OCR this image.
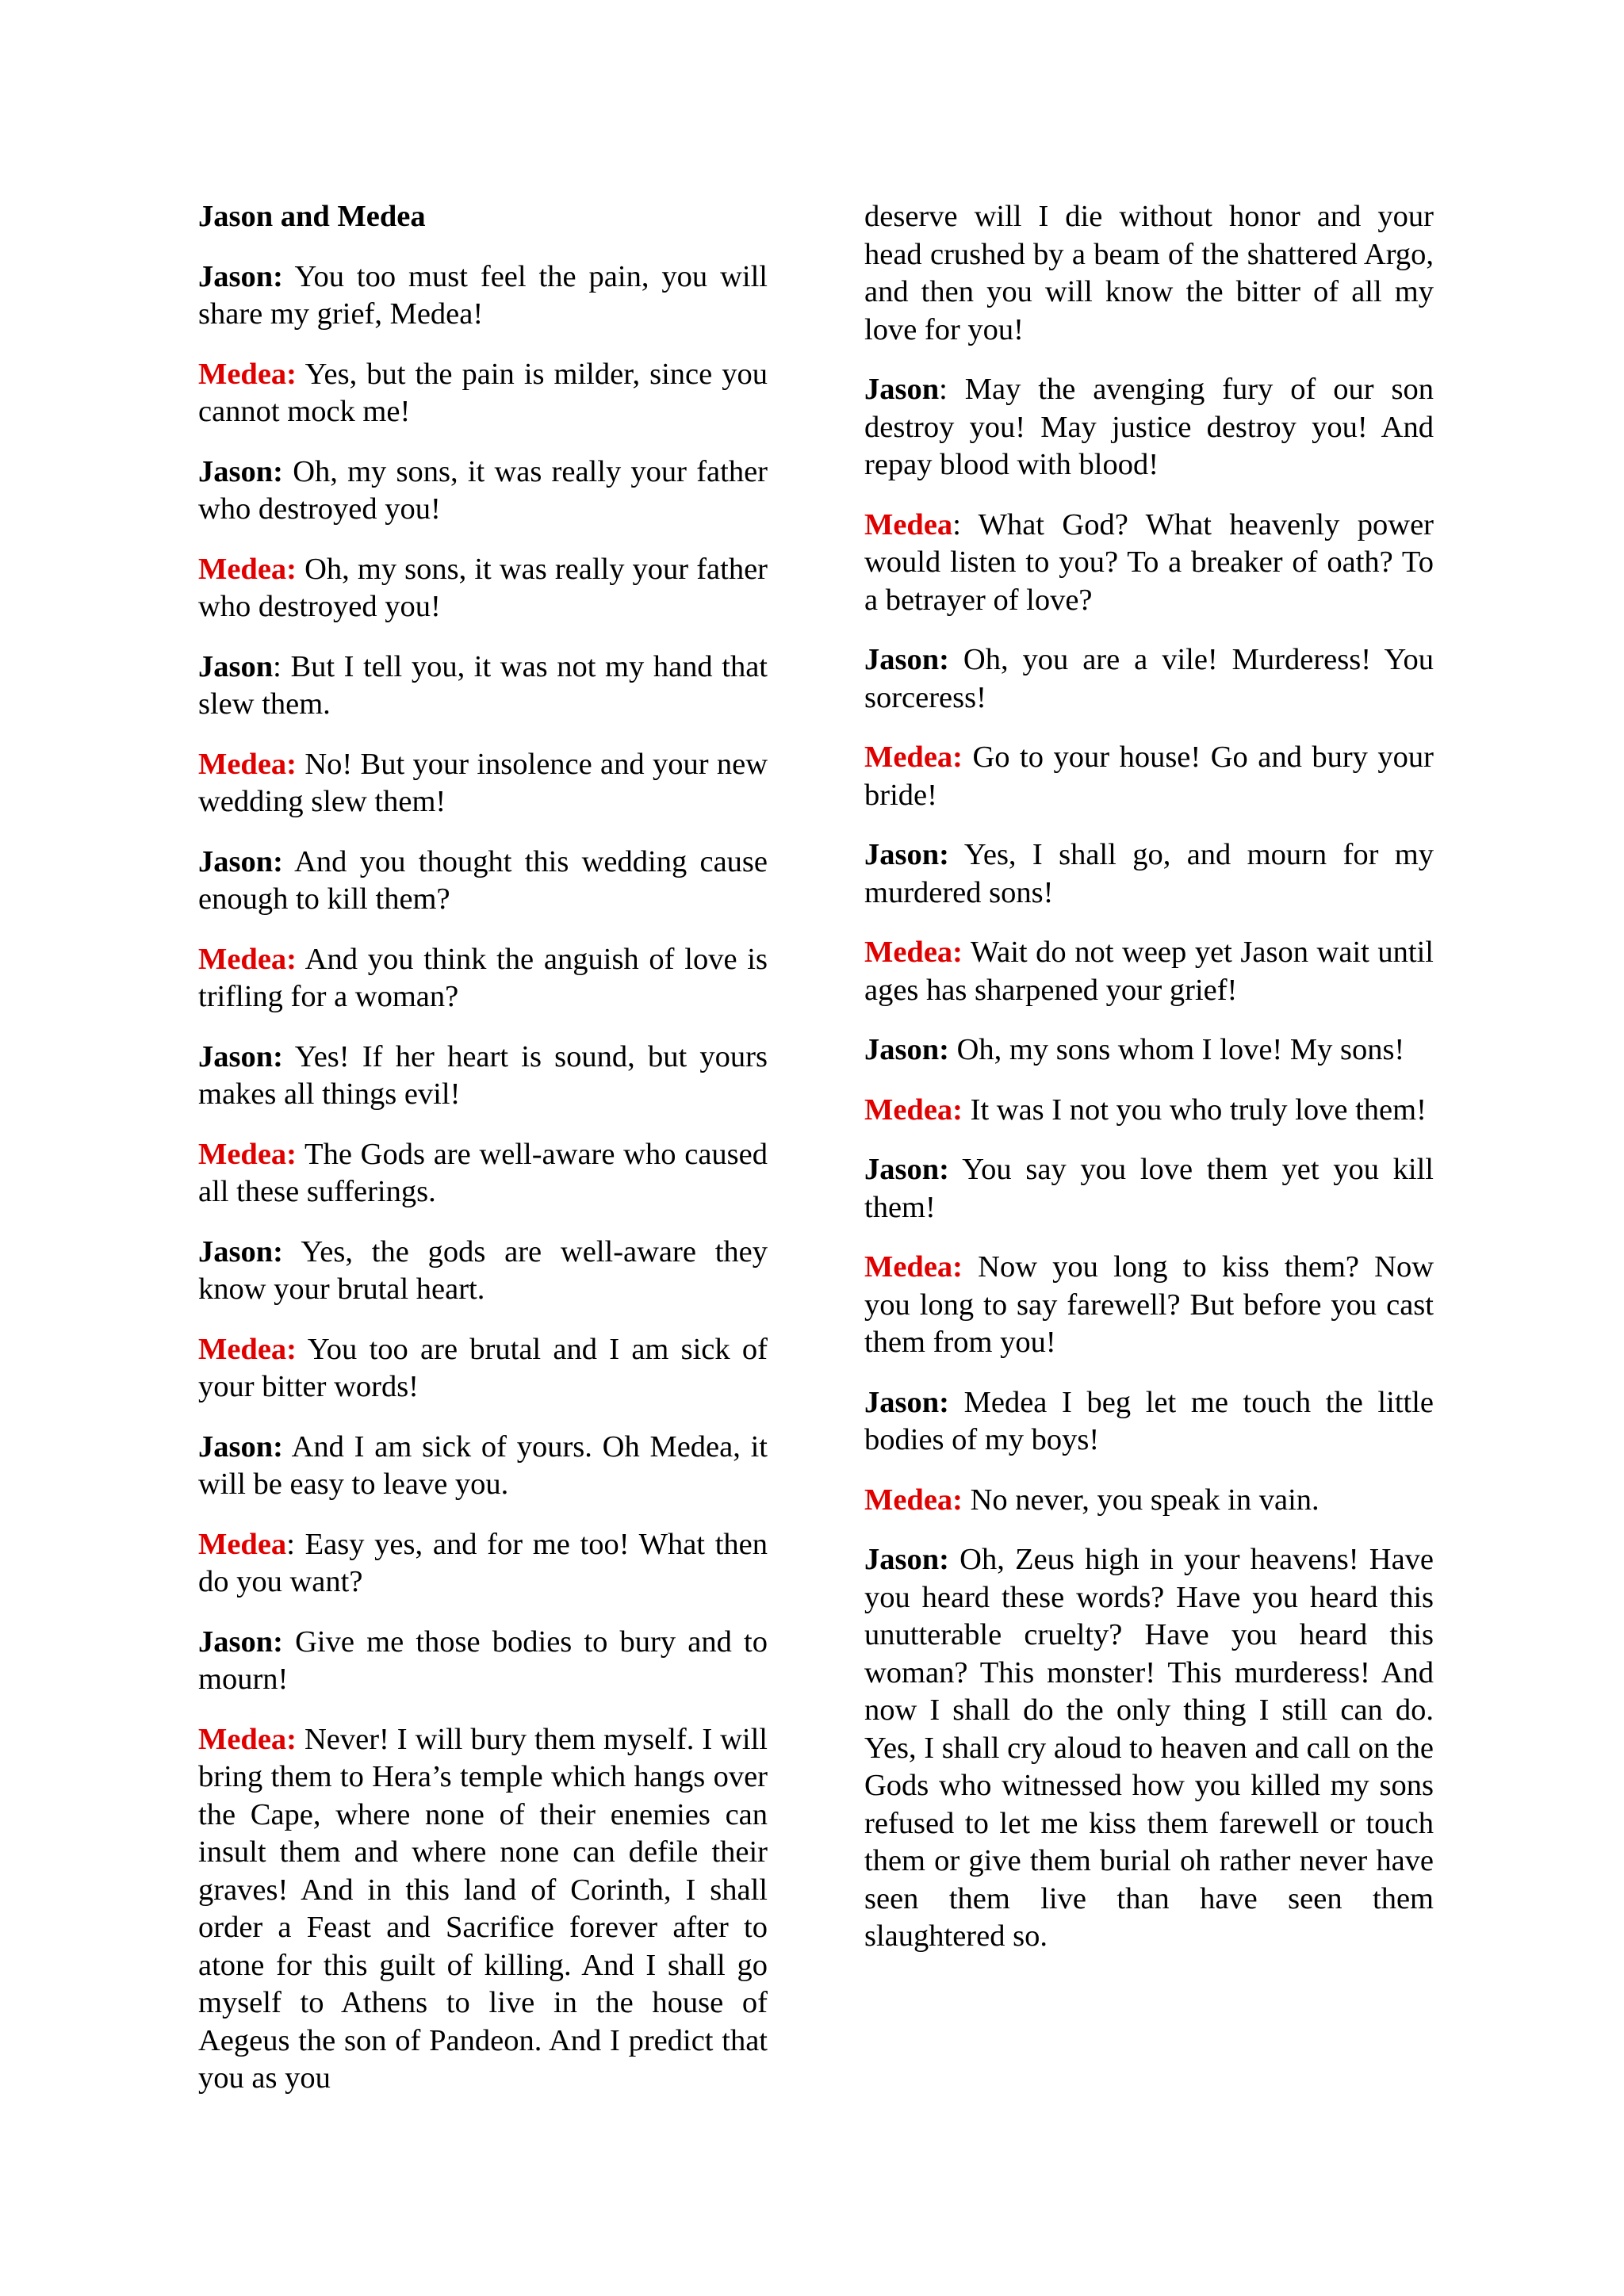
Jason and Medea

Jason: You too must feel the pain, you will share my grief, Medea!

Medea: Yes, but the pain is milder, since you cannot mock me!

Jason: Oh, my sons, it was really your father who destroyed you!

Medea: Oh, my sons, it was really your father who destroyed you!

Jason: But I tell you, it was not my hand that slew them.

Medea: No! But your insolence and your new wedding slew them!

Jason: And you thought this wedding cause enough to kill them?

Medea: And you think the anguish of love is trifling for a woman?

Jason: Yes! If her heart is sound, but yours makes all things evil!

Medea: The Gods are well-aware who caused all these sufferings.

Jason: Yes, the gods are well-aware they know your brutal heart.

Medea: You too are brutal and I am sick of your bitter words!

Jason: And I am sick of yours. Oh Medea, it will be easy to leave you.

Medea: Easy yes, and for me too! What then do you want?

Jason: Give me those bodies to bury and to mourn!

Medea: Never! I will bury them myself. I will bring them to Hera’s temple which hangs over the Cape, where none of their enemies can insult them and where none can defile their graves! And in this land of Corinth, I shall order a Feast and Sacrifice forever after to atone for this guilt of killing. And I shall go myself to Athens to live in the house of Aegeus the son of Pandeon. And I predict that you as you

deserve will I die without honor and your head crushed by a beam of the shattered Argo, and then you will know the bitter of all my love for you!

Jason: May the avenging fury of our son destroy you! May justice destroy you! And repay blood with blood!

Medea: What God? What heavenly power would listen to you? To a breaker of oath? To a betrayer of love?

Jason: Oh, you are a vile! Murderess! You sorceress!

Medea: Go to your house! Go and bury your bride!

Jason: Yes, I shall go, and mourn for my murdered sons!

Medea: Wait do not weep yet Jason wait until ages has sharpened your grief!

Jason: Oh, my sons whom I love! My sons!

Medea: It was I not you who truly love them!

Jason: You say you love them yet you kill them!

Medea: Now you long to kiss them? Now you long to say farewell? But before you cast them from you!

Jason: Medea I beg let me touch the little bodies of my boys!

Medea: No never, you speak in vain.

Jason: Oh, Zeus high in your heavens! Have you heard these words? Have you heard this unutterable cruelty? Have you heard this woman? This monster! This murderess! And now I shall do the only thing I still can do. Yes, I shall cry aloud to heaven and call on the Gods who witnessed how you killed my sons refused to let me kiss them farewell or touch them or give them burial oh rather never have seen them live than have seen them slaughtered so.
